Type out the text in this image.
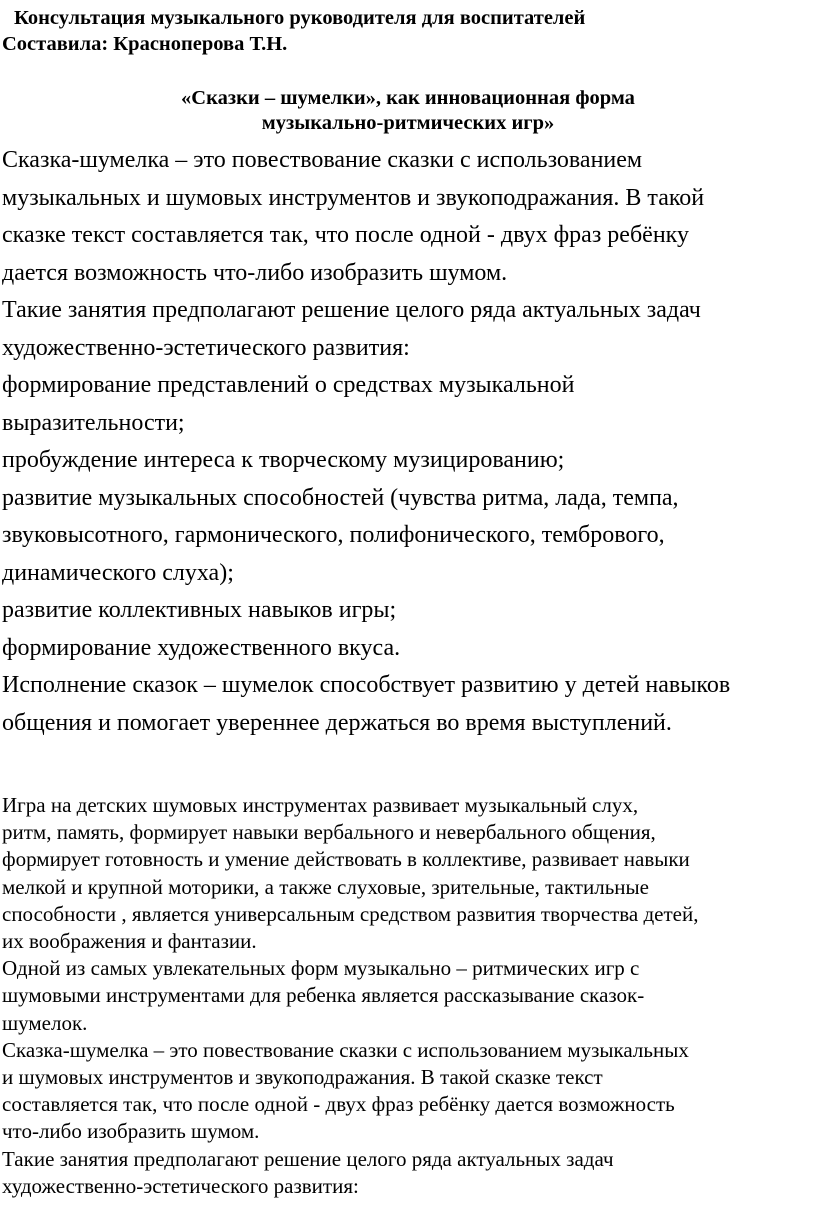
Консультация музыкального руководителя для воспитателей
Составила: Красноперова Т.Н.
«Сказки – шумелки», как инновационная форма
музыкально-ритмических игр»
Сказка-шумелка – это повествование сказки с использованием
музыкальных и шумовых инструментов и звукоподражания. В такой
сказке текст составляется так, что после одной - двух фраз ребёнку
дается возможность что-либо изобразить шумом.
Такие занятия предполагают решение целого ряда актуальных задач
художественно-эстетического развития:
формирование представлений о средствах музыкальной
выразительности;
пробуждение интереса к творческому музицированию;
развитие музыкальных способностей (чувства ритма, лада, темпа,
звуковысотного, гармонического, полифонического, тембрового,
динамического слуха);
развитие коллективных навыков игры;
формирование художественного вкуса.
Исполнение сказок – шумелок способствует развитию у детей навыков
общения и помогает увереннее держаться во время выступлений.
Игра на детских шумовых инструментах развивает музыкальный слух,
ритм, память, формирует навыки вербального и невербального общения,
формирует готовность и умение действовать в коллективе, развивает навыки
мелкой и крупной моторики, а также слуховые, зрительные, тактильные
способности , является универсальным средством развития творчества детей,
их воображения и фантазии.
Одной из самых увлекательных форм музыкально – ритмических игр с
шумовыми инструментами для ребенка является рассказывание сказок-
шумелок.
Сказка-шумелка – это повествование сказки с использованием музыкальных
и шумовых инструментов и звукоподражания. В такой сказке текст
составляется так, что после одной - двух фраз ребёнку дается возможность
что-либо изобразить шумом.
Такие занятия предполагают решение целого ряда актуальных задач
художественно-эстетического развития:
